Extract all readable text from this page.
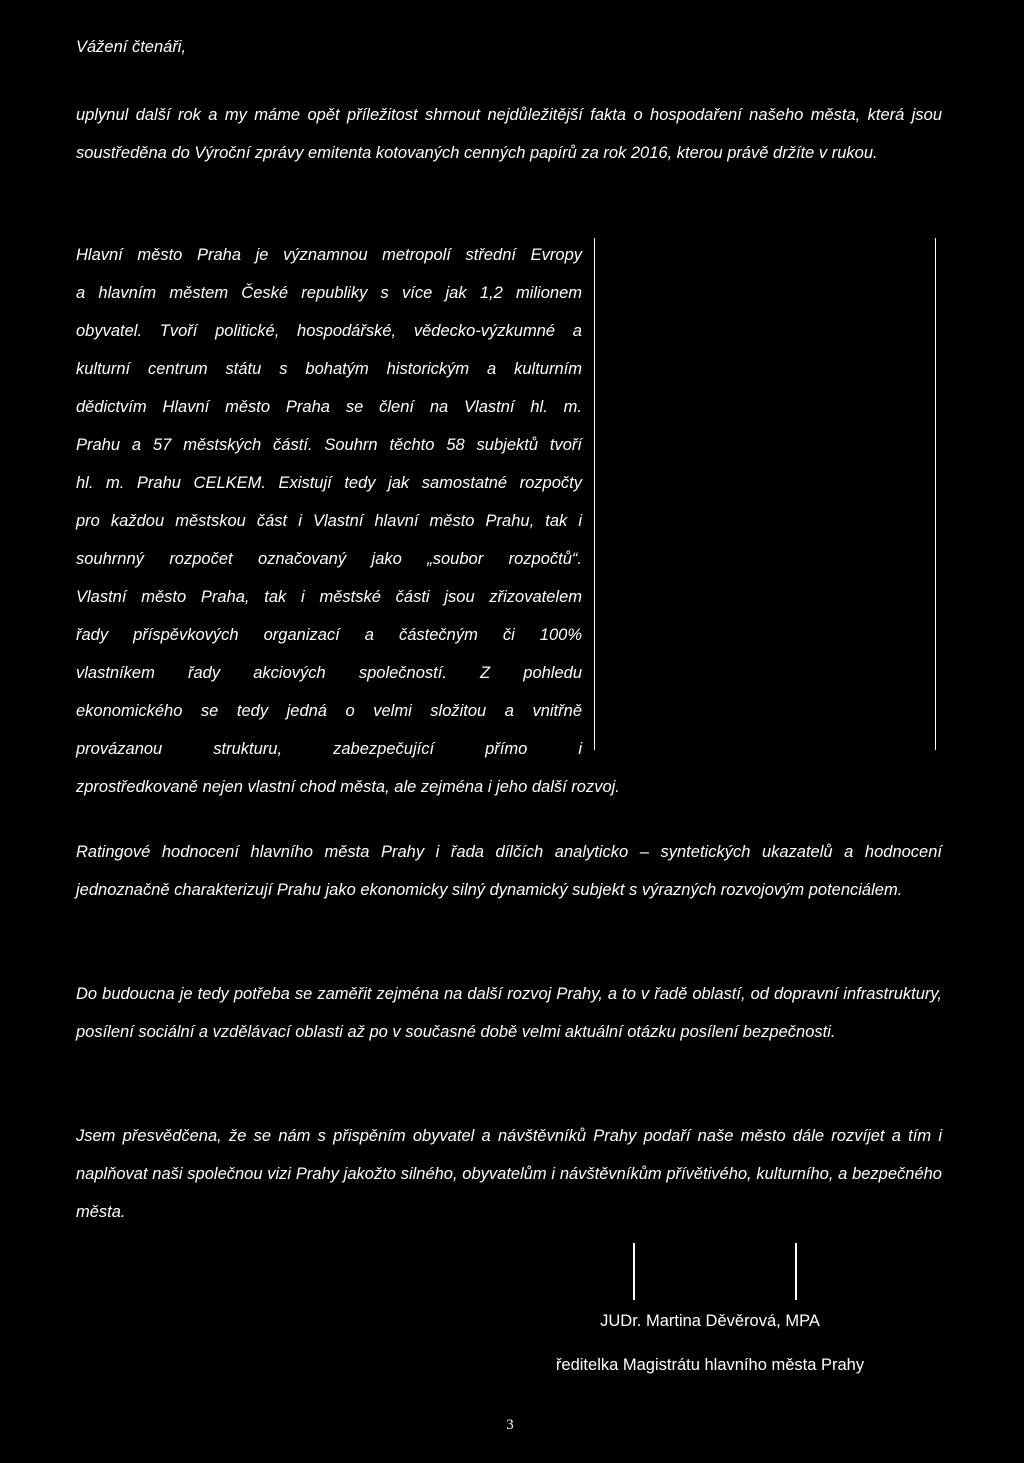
Vážení čtenáři,

uplynul další rok a my máme opět příležitost shrnout nejdůležitější fakta o hospodaření našeho města, která jsou soustředěna do Výroční zprávy emitenta kotovaných cenných papírů za rok 2016, kterou právě držíte v rukou.

Hlavní město Praha je významnou metropolí střední Evropy

a hlavním městem České republiky s více jak 1,2 milionem

obyvatel. Tvoří politické, hospodářské, vědecko-výzkumné a

kulturní centrum státu s bohatým historickým a kulturním

dědictvím Hlavní město Praha se člení na Vlastní hl. m.

Prahu a 57 městských částí. Souhrn těchto 58 subjektů tvoří

hl. m. Prahu CELKEM. Existují tedy jak samostatné rozpočty

pro každou městskou část i Vlastní hlavní město Prahu, tak i

souhrnný rozpočet označovaný jako „soubor rozpočtů“.

Vlastní město Praha, tak i městské části jsou zřizovatelem

řady příspěvkových organizací a částečným či 100%

vlastníkem řady akciových společností. Z pohledu

ekonomického se tedy jedná o velmi složitou a vnitřně

provázanou strukturu, zabezpečující přímo i

zprostředkovaně nejen vlastní chod města, ale zejména i jeho další rozvoj.

Ratingové hodnocení hlavního města Prahy i řada dílčích analyticko – syntetických ukazatelů a hodnocení jednoznačně charakterizují Prahu jako ekonomicky silný dynamický subjekt s výrazných rozvojovým potenciálem.

Do budoucna je tedy potřeba se zaměřit zejména na další rozvoj Prahy, a to v řadě oblastí, od dopravní infrastruktury, posílení sociální a vzdělávací oblasti až po v současné době velmi aktuální otázku posílení bezpečnosti.

Jsem přesvědčena, že se nám s přispěním obyvatel a návštěvníků Prahy podaří naše město dále rozvíjet a tím i naplňovat naši společnou vizi Prahy jakožto silného, obyvatelům i návštěvníkům přívětivého, kulturního, a bezpečného města.

JUDr. Martina Děvěrová, MPA
ředitelka Magistrátu hlavního města Prahy
3
